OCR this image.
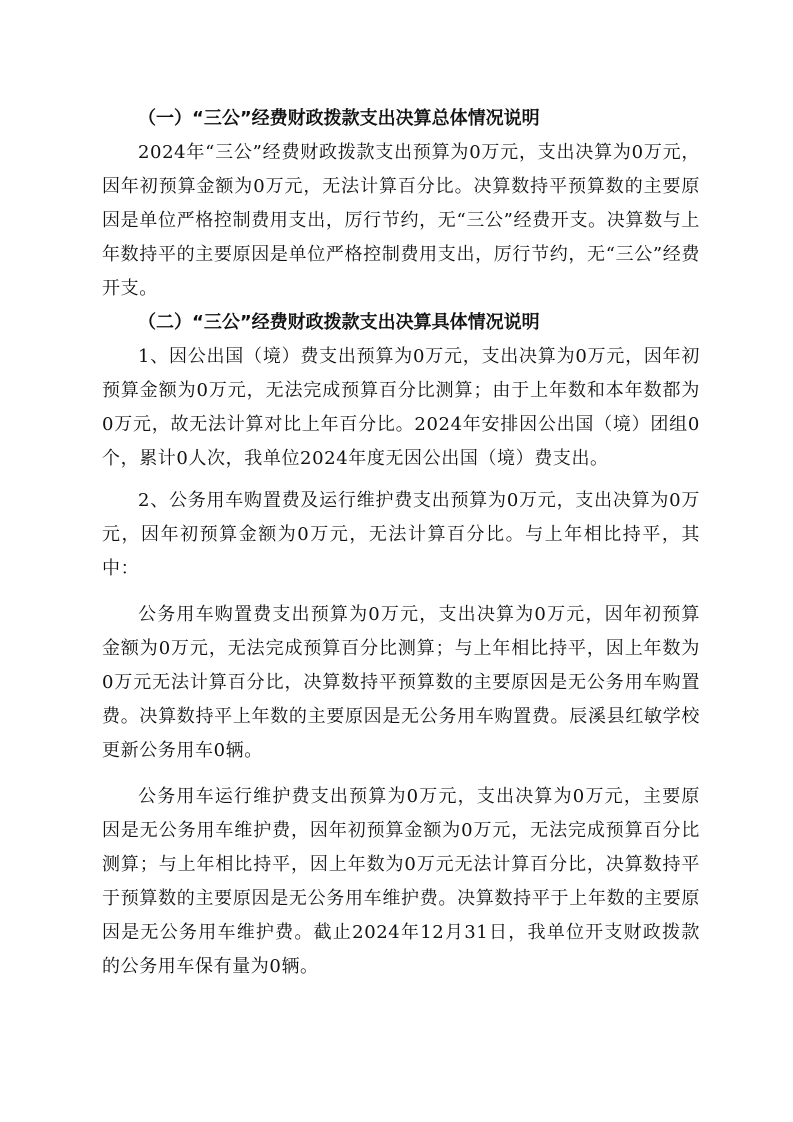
（一）“三公”经费财政拨款支出决算总体情况说明

2024年“三公”经费财政拨款支出预算为0万元，支出决算为0万元，因年初预算金额为0万元，无法计算百分比。决算数持平预算数的主要原因是单位严格控制费用支出，厉行节约，无“三公”经费开支。决算数与上年数持平的主要原因是单位严格控制费用支出，厉行节约，无“三公”经费开支。

（二）“三公”经费财政拨款支出决算具体情况说明

1、因公出国（境）费支出预算为0万元，支出决算为0万元，因年初预算金额为0万元，无法完成预算百分比测算；由于上年数和本年数都为0万元，故无法计算对比上年百分比。2024年安排因公出国（境）团组0个，累计0人次，我单位2024年度无因公出国（境）费支出。

2、公务用车购置费及运行维护费支出预算为0万元，支出决算为0万元，因年初预算金额为0万元，无法计算百分比。与上年相比持平，其中：

公务用车购置费支出预算为0万元，支出决算为0万元，因年初预算金额为0万元，无法完成预算百分比测算；与上年相比持平，因上年数为0万元无法计算百分比，决算数持平预算数的主要原因是无公务用车购置费。决算数持平上年数的主要原因是无公务用车购置费。辰溪县红敏学校更新公务用车0辆。

公务用车运行维护费支出预算为0万元，支出决算为0万元，主要原因是无公务用车维护费，因年初预算金额为0万元，无法完成预算百分比测算；与上年相比持平，因上年数为0万元无法计算百分比，决算数持平于预算数的主要原因是无公务用车维护费。决算数持平于上年数的主要原因是无公务用车维护费。截止2024年12月31日，我单位开支财政拨款的公务用车保有量为0辆。
